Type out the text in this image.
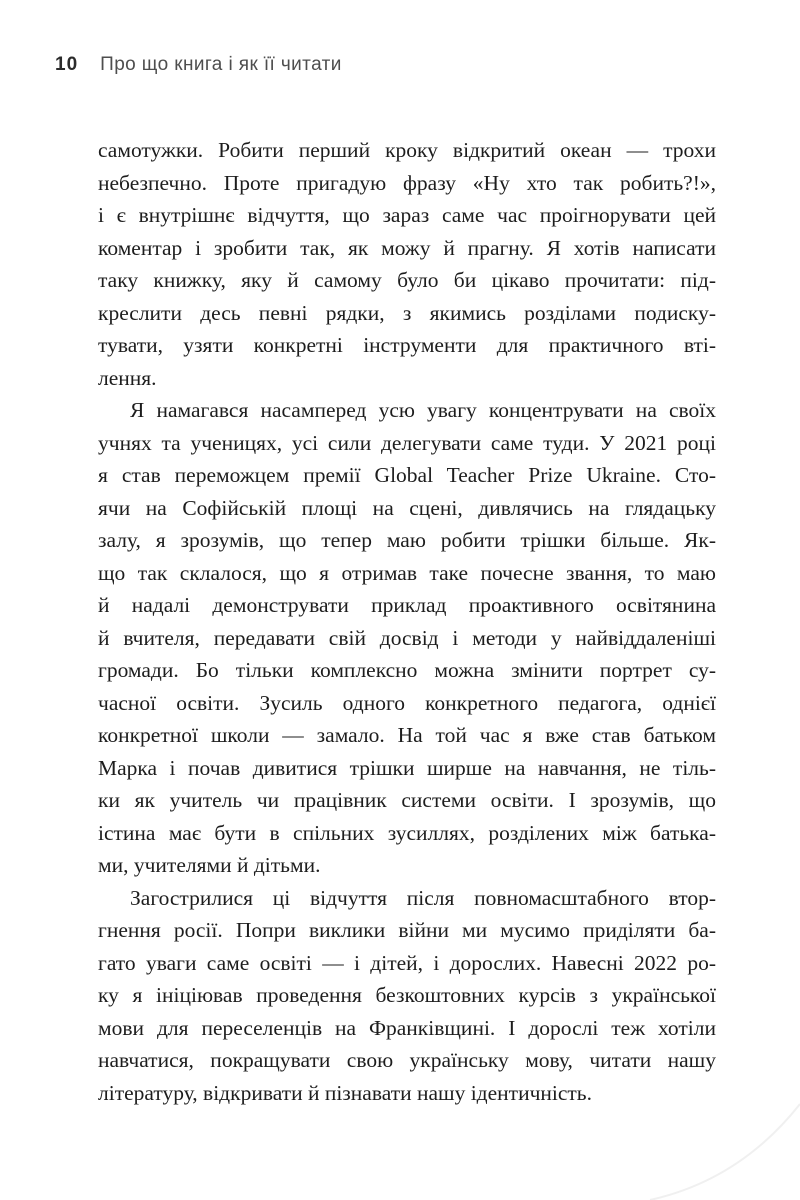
10 Про що книга і як її читати
самотужки. Робити перший кроку відкритий океан — трохи
небезпечно. Проте пригадую фразу «Ну хто так робить?!»,
і є внутрішнє відчуття, що зараз саме час проігнорувати цей
коментар і зробити так, як можу й прагну. Я хотів написати
таку книжку, яку й самому було би цікаво прочитати: під-
креслити десь певні рядки, з якимись розділами подиску-
тувати, узяти конкретні інструменти для практичного вті-
лення.
Я намагався насамперед усю увагу концентрувати на своїх
учнях та ученицях, усі сили делегувати саме туди. У 2021 році
я став переможцем премії Global Teacher Prize Ukraine. Сто-
ячи на Софійській площі на сцені, дивлячись на глядацьку
залу, я зрозумів, що тепер маю робити трішки більше. Як-
що так склалося, що я отримав таке почесне звання, то маю
й надалі демонструвати приклад проактивного освітянина
й вчителя, передавати свій досвід і методи у найвіддаленіші
громади. Бо тільки комплексно можна змінити портрет су-
часної освіти. Зусиль одного конкретного педагога, однієї
конкретної школи — замало. На той час я вже став батьком
Марка і почав дивитися трішки ширше на навчання, не тіль-
ки як учитель чи працівник системи освіти. І зрозумів, що
істина має бути в спільних зусиллях, розділених між батька-
ми, учителями й дітьми.
Загострилися ці відчуття після повномасштабного втор-
гнення росії. Попри виклики війни ми мусимо приділяти ба-
гато уваги саме освіті — і дітей, і дорослих. Навесні 2022 ро-
ку я ініціював проведення безкоштовних курсів з української
мови для переселенців на Франківщині. І дорослі теж хотіли
навчатися, покращувати свою українську мову, читати нашу
літературу, відкривати й пізнавати нашу ідентичність.
